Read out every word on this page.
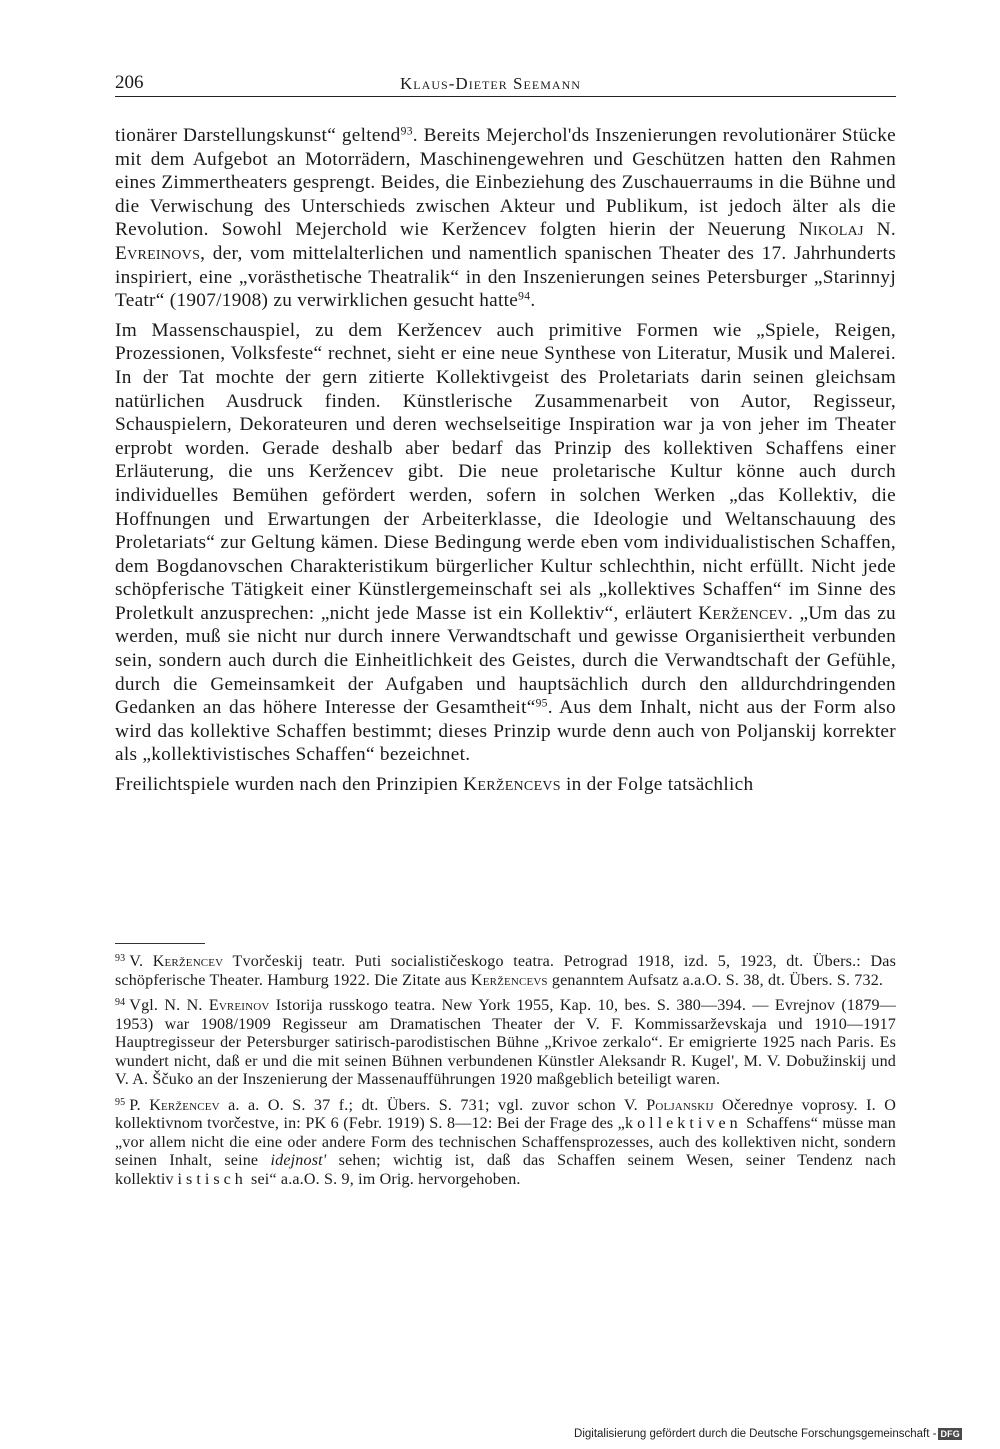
206	Klaus-Dieter Seemann

tionärer Darstellungskunst“ geltend$^{93}$. Bereits Mejerchol'ds Inszenierungen revolutionärer Stücke mit dem Aufgebot an Motorrädern, Maschinengewehren und Geschützen hatten den Rahmen eines Zimmertheaters gesprengt. Beides, die Einbeziehung des Zuschauerraums in die Bühne und die Verwischung des Unterschieds zwischen Akteur und Publikum, ist jedoch älter als die Revolution. Sowohl Mejerchold wie Keržencev folgten hierin der Neuerung Nikolaj N. Evreinovs, der, vom mittelalterlichen und namentlich spanischen Theater des 17. Jahrhunderts inspiriert, eine „vorästhetische Theatralik“ in den Inszenierungen seines Petersburger „Starinnyj Teatr“ (1907/1908) zu verwirklichen gesucht hatte$^{94}$.

Im Massenschauspiel, zu dem Keržencev auch primitive Formen wie „Spiele, Reigen, Prozessionen, Volksfeste“ rechnet, sieht er eine neue Synthese von Literatur, Musik und Malerei. In der Tat mochte der gern zitierte Kollektivgeist des Proletariats darin seinen gleichsam natürlichen Ausdruck finden. Künstlerische Zusammenarbeit von Autor, Regisseur, Schauspielern, Dekorateuren und deren wechselseitige Inspiration war ja von jeher im Theater erprobt worden. Gerade deshalb aber bedarf das Prinzip des kollektiven Schaffens einer Erläuterung, die uns Keržencev gibt. Die neue proletarische Kultur könne auch durch individuelles Bemühen gefördert werden, sofern in solchen Werken „das Kollektiv, die Hoffnungen und Erwartungen der Arbeiterklasse, die Ideologie und Weltanschauung des Proletariats“ zur Geltung kämen. Diese Bedingung werde eben vom individualistischen Schaffen, dem Bogdanovschen Charakteristikum bürgerlicher Kultur schlechthin, nicht erfüllt. Nicht jede schöpferische Tätigkeit einer Künstlergemeinschaft sei als „kollektives Schaffen“ im Sinne des Proletkult anzusprechen: „nicht jede Masse ist ein Kollektiv“, erläutert Keržencev. „Um das zu werden, muß sie nicht nur durch innere Verwandtschaft und gewisse Organisiertheit verbunden sein, sondern auch durch die Einheitlichkeit des Geistes, durch die Verwandtschaft der Gefühle, durch die Gemeinsamkeit der Aufgaben und hauptsächlich durch den alldurchdringenden Gedanken an das höhere Interesse der Gesamtheit“$^{95}$. Aus dem Inhalt, nicht aus der Form also wird das kollektive Schaffen bestimmt; dieses Prinzip wurde denn auch von Poljanskij korrekter als „kollektivistisches Schaffen“ bezeichnet.

Freilichtspiele wurden nach den Prinzipien Keržencevs in der Folge tatsächlich

$^{93}$ V. Keržencev Tvorčeskij teatr. Puti socialističeskogo teatra. Petrograd 1918, izd. 5, 1923, dt. Übers.: Das schöpferische Theater. Hamburg 1922. Die Zitate aus Keržencevs genanntem Aufsatz a.a.O. S. 38, dt. Übers. S. 732.

$^{94}$ Vgl. N. N. Evreinov Istorija russkogo teatra. New York 1955, Kap. 10, bes. S. 380—394. — Evrejnov (1879—1953) war 1908/1909 Regisseur am Dramatischen Theater der V. F. Kommissarževskaja und 1910—1917 Hauptregisseur der Petersburger satirisch-parodistischen Bühne „Krivoe zerkalo“. Er emigrierte 1925 nach Paris. Es wundert nicht, daß er und die mit seinen Bühnen verbundenen Künstler Aleksandr R. Kugel', M. V. Dobužinskij und V. A. Ščuko an der Inszenierung der Massenaufführungen 1920 maßgeblich beteiligt waren.

$^{95}$ P. Keržencev a. a. O. S. 37 f.; dt. Übers. S. 731; vgl. zuvor schon V. Poljanskij Očerednye voprosy. I. O kollektivnom tvorčestve, in: PK 6 (Febr. 1919) S. 8—12: Bei der Frage des „kollektiven Schaffens“ müsse man „vor allem nicht die eine oder andere Form des technischen Schaffensprozesses, auch des kollektiven nicht, sondern seinen Inhalt, seine idejnost' sehen; wichtig ist, daß das Schaffen seinem Wesen, seiner Tendenz nach kollektivistisch sei“ a.a.O. S. 9, im Orig. hervorgehoben.

Digitalisierung gefördert durch die Deutsche Forschungsgemeinschaft - DFG
